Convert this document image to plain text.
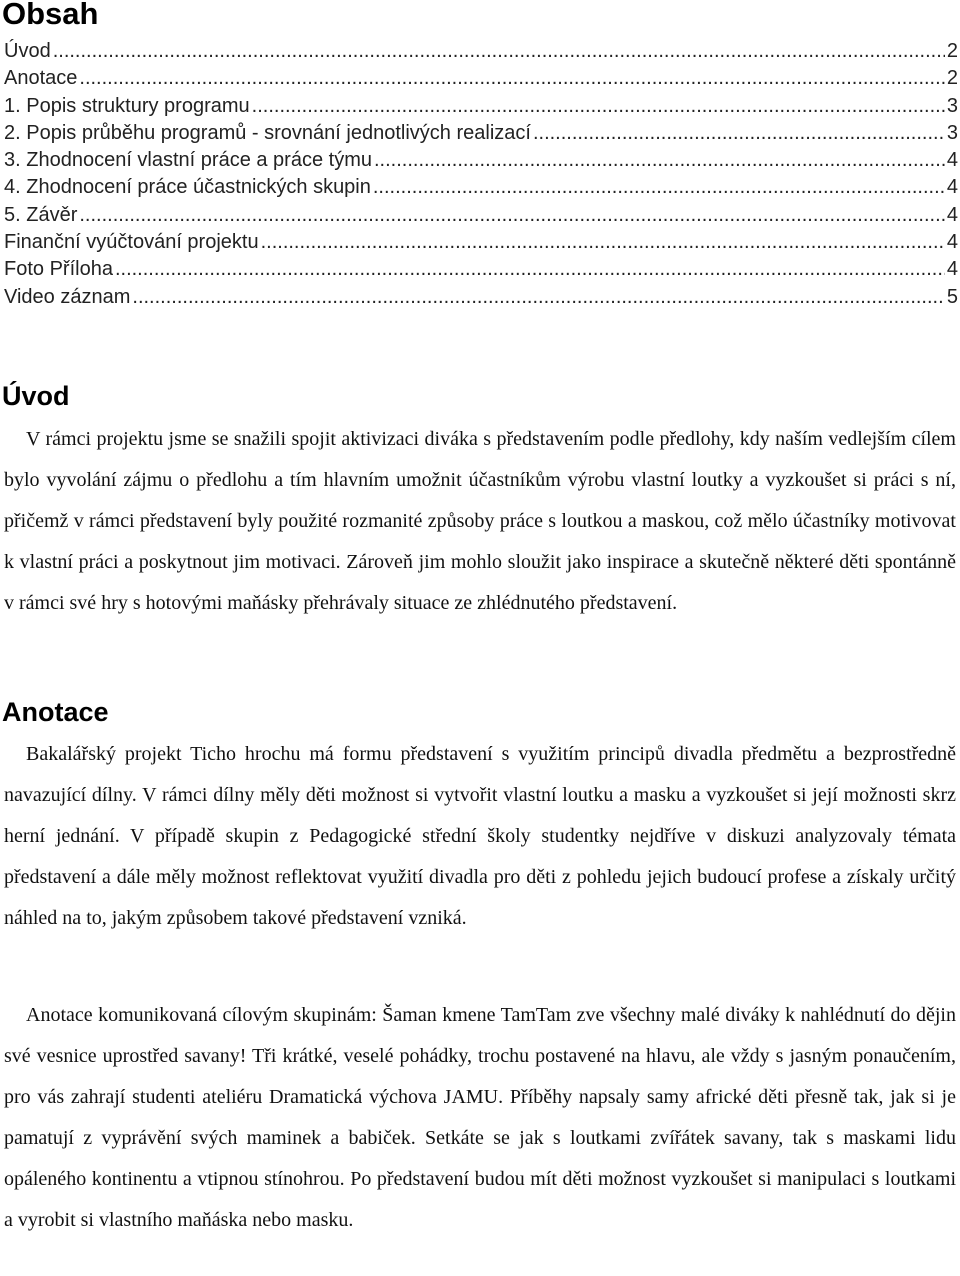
Obsah
Úvod .....	2
Anotace .....	2
1. Popis struktury programu .....	3
2. Popis průběhu programů - srovnání jednotlivých realizací .....	3
3. Zhodnocení vlastní práce a práce týmu .....	4
4. Zhodnocení práce účastnických skupin .....	4
5. Závěr .....	4
Finanční vyúčtování projektu .....	4
Foto Příloha .....	4
Video záznam .....	5
Úvod

V rámci projektu jsme se snažili spojit aktivizaci diváka s představením podle předlohy, kdy naším vedlejším cílem bylo vyvolání zájmu o předlohu a tím hlavním umožnit účastníkům výrobu vlastní loutky a vyzkoušet si práci s ní, přičemž v rámci představení byly použité rozmanité způsoby práce s loutkou a maskou, což mělo účastníky motivovat k vlastní práci a poskytnout jim motivaci. Zároveň jim mohlo sloužit jako inspirace a skutečně některé děti spontánně v rámci své hry s hotovými maňásky přehrávaly situace ze zhlédnutého představení.

Anotace

Bakalářský projekt Ticho hrochu má formu představení s využitím principů divadla předmětu a bezprostředně navazující dílny. V rámci dílny měly děti možnost si vytvořit vlastní loutku a masku a vyzkoušet si její možnosti skrz herní jednání. V případě skupin z Pedagogické střední školy studentky nejdříve v diskuzi analyzovaly témata představení a dále měly možnost reflektovat využití divadla pro děti z pohledu jejich budoucí profese a získaly určitý náhled na to, jakým způsobem takové představení vzniká.

Anotace komunikovaná cílovým skupinám: Šaman kmene TamTam zve všechny malé diváky k nahlédnutí do dějin své vesnice uprostřed savany! Tři krátké, veselé pohádky, trochu postavené na hlavu, ale vždy s jasným ponaučením, pro vás zahrají studenti ateliéru Dramatická výchova JAMU. Příběhy napsaly samy africké děti přesně tak, jak si je pamatují z vyprávění svých maminek a babiček. Setkáte se jak s loutkami zvířátek savany, tak s maskami lidu opáleného kontinentu a vtipnou stínohrou. Po představení budou mít děti možnost vyzkoušet si manipulaci s loutkami a vyrobit si vlastního maňáska nebo masku.
